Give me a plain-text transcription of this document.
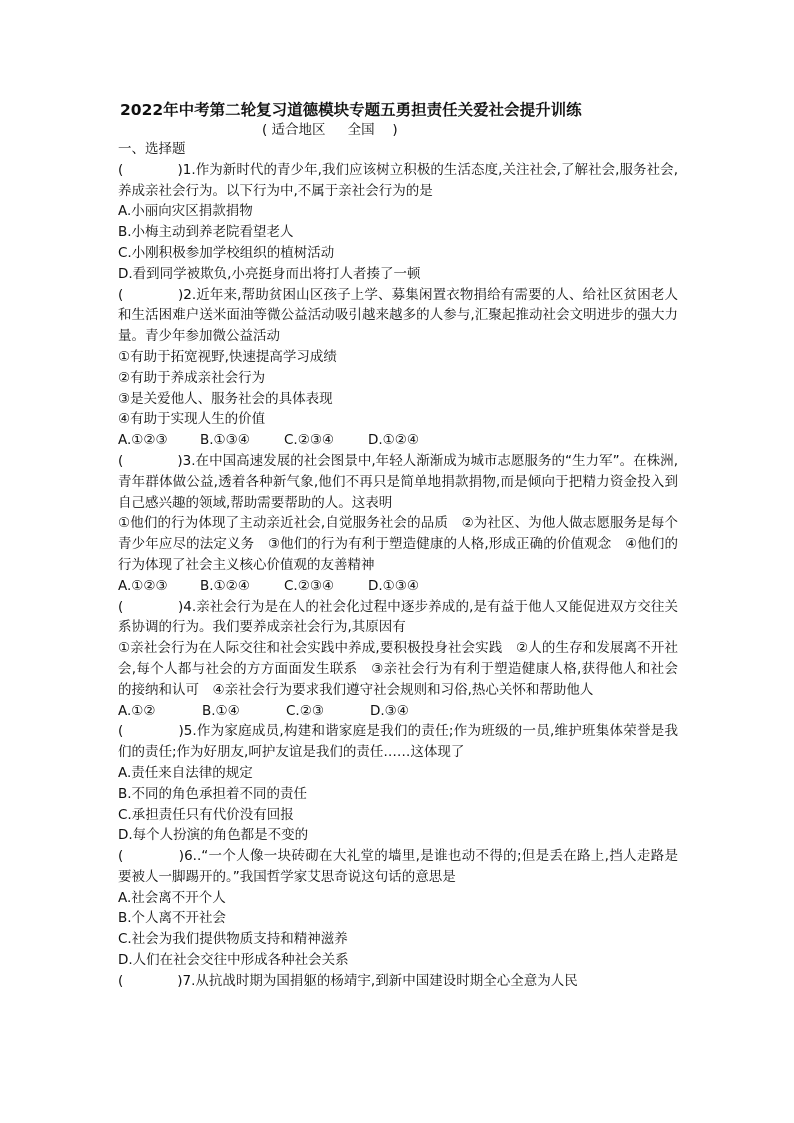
2022年中考第二轮复习道德模块专题五勇担责任关爱社会提升训练
( 适合地区 　 全国 　)
一、选择题
(　　　　)1.作为新时代的青少年,我们应该树立积极的生活态度,关注社会,了解社会,服务社会,养成亲社会行为。以下行为中,不属于亲社会行为的是
A.小丽向灾区捐款捐物
B.小梅主动到养老院看望老人
C.小刚积极参加学校组织的植树活动
D.看到同学被欺负,小亮挺身而出将打人者揍了一顿
(　　　　)2.近年来,帮助贫困山区孩子上学、募集闲置衣物捐给有需要的人、给社区贫困老人和生活困难户送米面油等微公益活动吸引越来越多的人参与,汇聚起推动社会文明进步的强大力量。青少年参加微公益活动
①有助于拓宽视野,快速提高学习成绩
②有助于养成亲社会行为
③是关爱他人、服务社会的具体表现
④有助于实现人生的价值
A.①②③	B.①③④	C.②③④	D.①②④
(　　　　)3.在中国高速发展的社会图景中,年轻人渐渐成为城市志愿服务的“生力军”。在株洲,青年群体做公益,透着各种新气象,他们不再只是简单地捐款捐物,而是倾向于把精力资金投入到自己感兴趣的领域,帮助需要帮助的人。这表明
①他们的行为体现了主动亲近社会,自觉服务社会的品质　②为社区、为他人做志愿服务是每个青少年应尽的法定义务　③他们的行为有利于塑造健康的人格,形成正确的价值观念　④他们的行为体现了社会主义核心价值观的友善精神
A.①②③	B.①②④	C.②③④	D.①③④
(　　　　)4.亲社会行为是在人的社会化过程中逐步养成的,是有益于他人又能促进双方交往关系协调的行为。我们要养成亲社会行为,其原因有
①亲社会行为在人际交往和社会实践中养成,要积极投身社会实践　②人的生存和发展离不开社会,每个人都与社会的方方面面发生联系　③亲社会行为有利于塑造健康人格,获得他人和社会的接纳和认可　④亲社会行为要求我们遵守社会规则和习俗,热心关怀和帮助他人
A.①②	B.①④	C.②③	D.③④
(　　　　)5.作为家庭成员,构建和谐家庭是我们的责任;作为班级的一员,维护班集体荣誉是我们的责任;作为好朋友,呵护友谊是我们的责任……这体现了
A.责任来自法律的规定
B.不同的角色承担着不同的责任
C.承担责任只有代价没有回报
D.每个人扮演的角色都是不变的
(　　　　)6..“一个人像一块砖砌在大礼堂的墙里,是谁也动不得的;但是丢在路上,挡人走路是要被人一脚踢开的。”我国哲学家艾思奇说这句话的意思是
A.社会离不开个人
B.个人离不开社会
C.社会为我们提供物质支持和精神滋养
D.人们在社会交往中形成各种社会关系
(　　　　)7.从抗战时期为国捐躯的杨靖宇,到新中国建设时期全心全意为人民
